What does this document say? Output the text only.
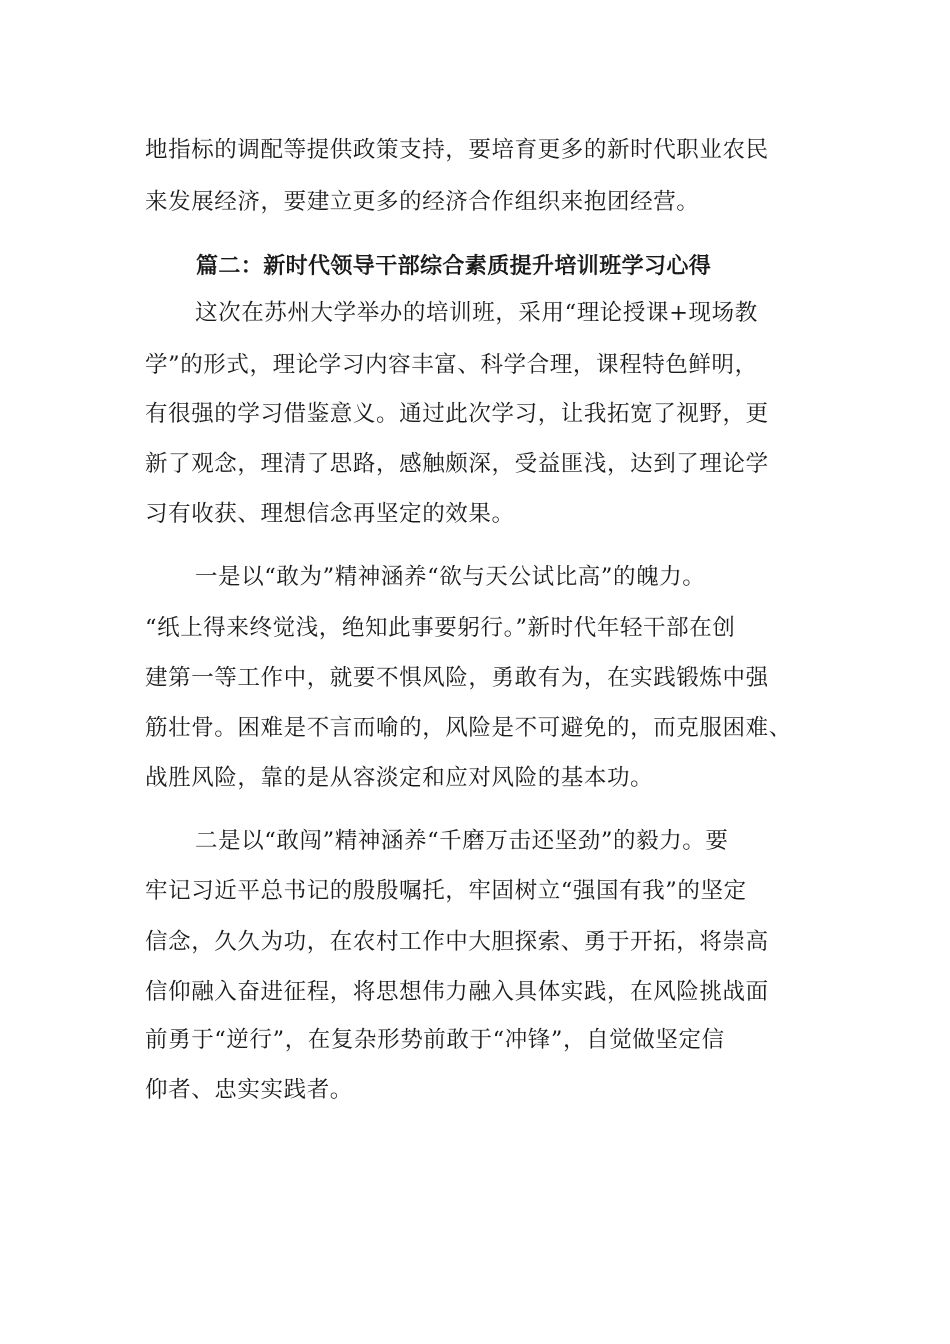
地指标的调配等提供政策支持，要培育更多的新时代职业农民
来发展经济，要建立更多的经济合作组织来抱团经营。
篇二：新时代领导干部综合素质提升培训班学习心得
这次在苏州大学举办的培训班，采用“理论授课+现场教
学”的形式，理论学习内容丰富、科学合理，课程特色鲜明，
有很强的学习借鉴意义。通过此次学习，让我拓宽了视野，更
新了观念，理清了思路，感触颇深，受益匪浅，达到了理论学
习有收获、理想信念再坚定的效果。
一是以“敢为”精神涵养“欲与天公试比高”的魄力。
“纸上得来终觉浅，绝知此事要躬行。”新时代年轻干部在创
建第一等工作中，就要不惧风险，勇敢有为，在实践锻炼中强
筋壮骨。困难是不言而喻的，风险是不可避免的，而克服困难、
战胜风险，靠的是从容淡定和应对风险的基本功。
二是以“敢闯”精神涵养“千磨万击还坚劲”的毅力。要
牢记习近平总书记的殷殷嘱托，牢固树立“强国有我”的坚定
信念，久久为功，在农村工作中大胆探索、勇于开拓，将崇高
信仰融入奋进征程，将思想伟力融入具体实践，在风险挑战面
前勇于“逆行”，在复杂形势前敢于“冲锋”，自觉做坚定信
仰者、忠实实践者。
